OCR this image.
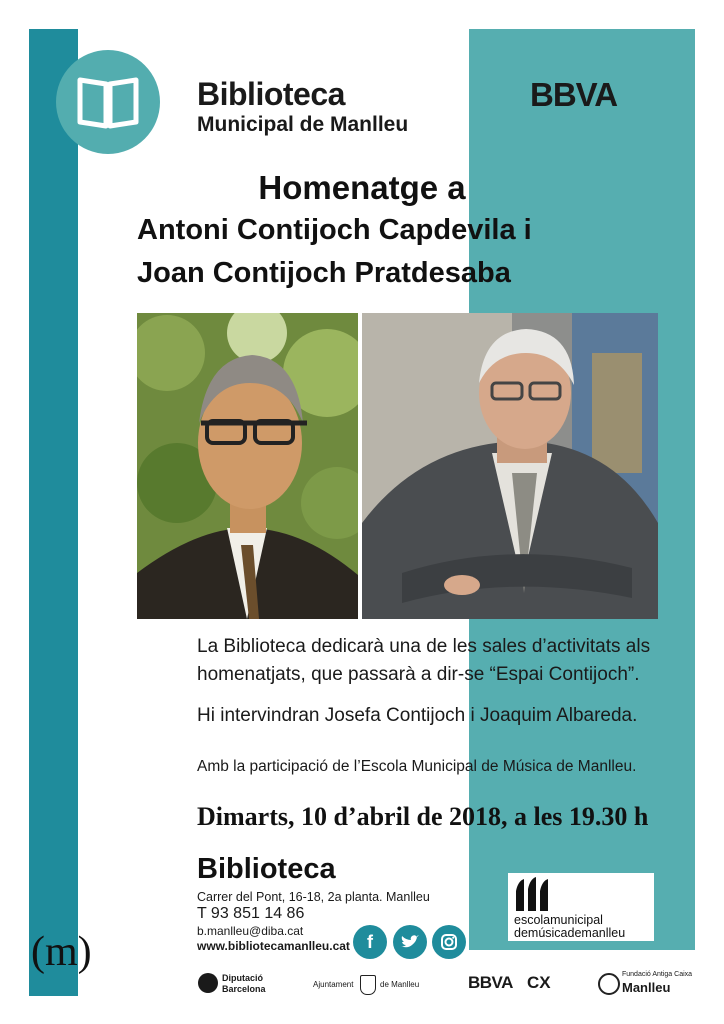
Biblioteca
Municipal de Manlleu
BBVA
Homenatge a
Antoni Contijoch Capdevila i
Joan Contijoch Pratdesaba
La Biblioteca dedicarà una de les sales d’activitats als
homenatjats, que passarà a dir-se “Espai Contijoch”.
Hi intervindran Josefa Contijoch i Joaquim Albareda.
Amb la participació de l’Escola Municipal de Música de Manlleu.
Dimarts, 10 d’abril de 2018, a les 19.30 h
Biblioteca
Carrer del Pont, 16-18, 2a planta. Manlleu
T 93 851 14 86
b.manlleu@diba.cat
www.bibliotecamanlleu.cat f
escolamunicipal
demúsicademanlleu
(m)
Diputació
Barcelona	Ajuntament	de Manlleu	BBVA CX	Fundació Antiga Caixa
Manlleu
